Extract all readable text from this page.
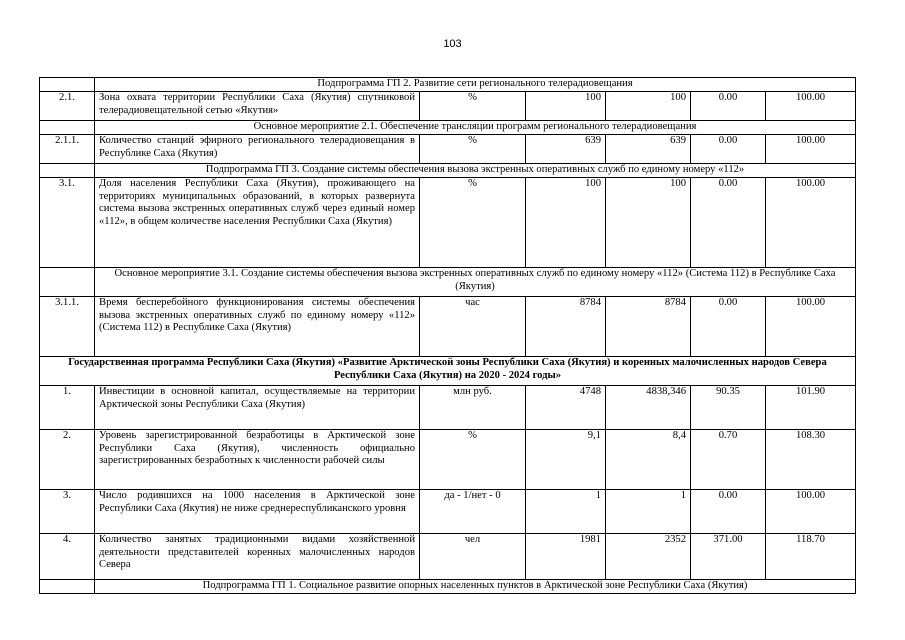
103
	Подпрограмма ГП 2. Развитие сети регионального телерадиовещания					
2.1.	Зона охвата территории Республики Саха (Якутия) спутниковой телерадиовещательной сетью «Якутия»	%	100	100	0.00	100.00
	Основное мероприятие 2.1. Обеспечение трансляции программ регионального телерадиовещания					
2.1.1.	Количество станций эфирного регионального телерадиовещания в Республике Саха (Якутия)	%	639	639	0.00	100.00
	Подпрограмма ГП 3. Создание системы обеспечения вызова экстренных оперативных служб по единому номеру «112»					
3.1.	Доля населения Республики Саха (Якутия), проживающего на территориях муниципальных образований, в которых развернута система вызова экстренных оперативных служб через единый номер «112», в общем количестве населения Республики Саха (Якутия)	%	100	100	0.00	100.00
	Основное мероприятие 3.1. Создание системы обеспечения вызова экстренных оперативных служб по единому номеру «112» (Система 112) в Республике Саха (Якутия)					
3.1.1.	Время бесперебойного функционирования системы обеспечения вызова экстренных оперативных служб по единому номеру «112» (Система 112) в Республике Саха (Якутия)	час	8784	8784	0.00	100.00
Государственная программа Республики Саха (Якутия) «Развитие Арктической зоны Республики Саха (Якутия) и коренных малочисленных народов Севера Республики Саха (Якутия) на 2020 - 2024 годы»						
1.	Инвестиции в основной капитал, осуществляемые на территории Арктической зоны Республики Саха (Якутия)	млн руб.	4748	4838,346	90.35	101.90
2.	Уровень зарегистрированной безработицы в Арктической зоне Республики Саха (Якутия), численность официально зарегистрированных безработных к численности рабочей силы	%	9,1	8,4	0.70	108.30
3.	Число родившихся на 1000 населения в Арктической зоне Республики Саха (Якутия) не ниже среднереспубликанского уровня	да - 1/нет - 0	1	1	0.00	100.00
4.	Количество занятых традиционными видами хозяйственной деятельности представителей коренных малочисленных народов Севера	чел	1981	2352	371.00	118.70
	Подпрограмма ГП 1. Социальное развитие опорных населенных пунктов в Арктической зоне Республики Саха (Якутия)					
